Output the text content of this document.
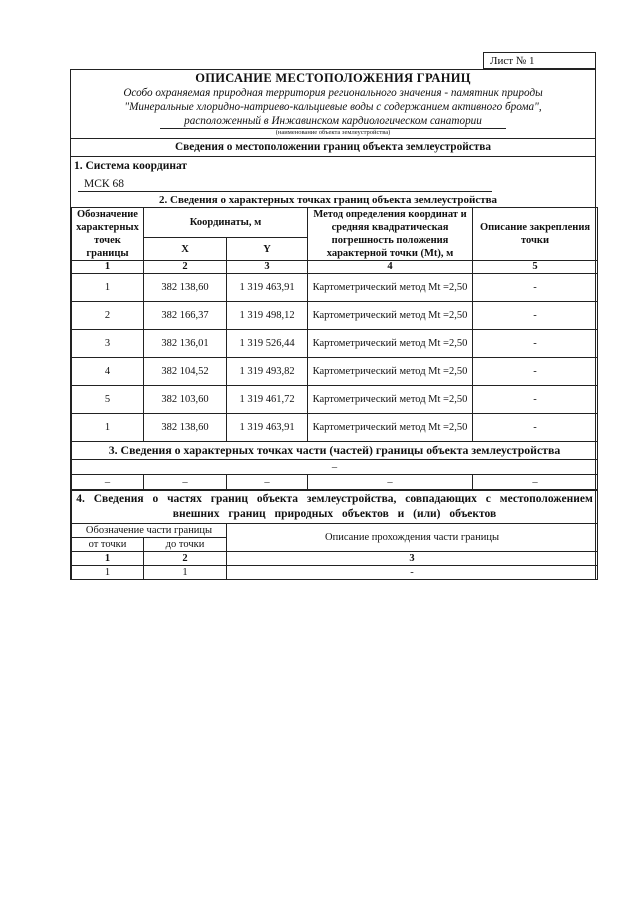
Лист № 1
ОПИСАНИЕ МЕСТОПОЛОЖЕНИЯ ГРАНИЦ
Особо охраняемая природная территория регионального значения - памятник природы
"Минеральные хлоридно-натриево-кальциевые воды с содержанием активного брома",
расположенный в Инжавинском кардиологическом санатории
(наименование объекта землеустройства)
Сведения о местоположении границ объекта землеустройства
1. Система координатМСК 68
2. Сведения о характерных точках границ объекта землеустройства
Обозначение характерных точек границы	Координаты, м		Метод определения координат и средняя квадратическая погрешность положения характерной точки (Mt), м	Описание закрепления точки
	X	Y		
1	2	3	4	5
1	382 138,60	1 319 463,91	Картометрический метод Mt =2,50	-
2	382 166,37	1 319 498,12	Картометрический метод Mt =2,50	-
3	382 136,01	1 319 526,44	Картометрический метод Mt =2,50	-
4	382 104,52	1 319 493,82	Картометрический метод Mt =2,50	-
5	382 103,60	1 319 461,72	Картометрический метод Mt =2,50	-
1	382 138,60	1 319 463,91	Картометрический метод Mt =2,50	-
3. Сведения о характерных точках части (частей) границы объекта землеустройства
–
–	–	–	–	–
4. Сведения о частях границ объекта землеустройства, совпадающих с местоположением внешних границ природных объектов и (или) объектов		
Обозначение части границы		Описание прохождения части границы
от точки	до точки	
1	2	3
1	1	-
